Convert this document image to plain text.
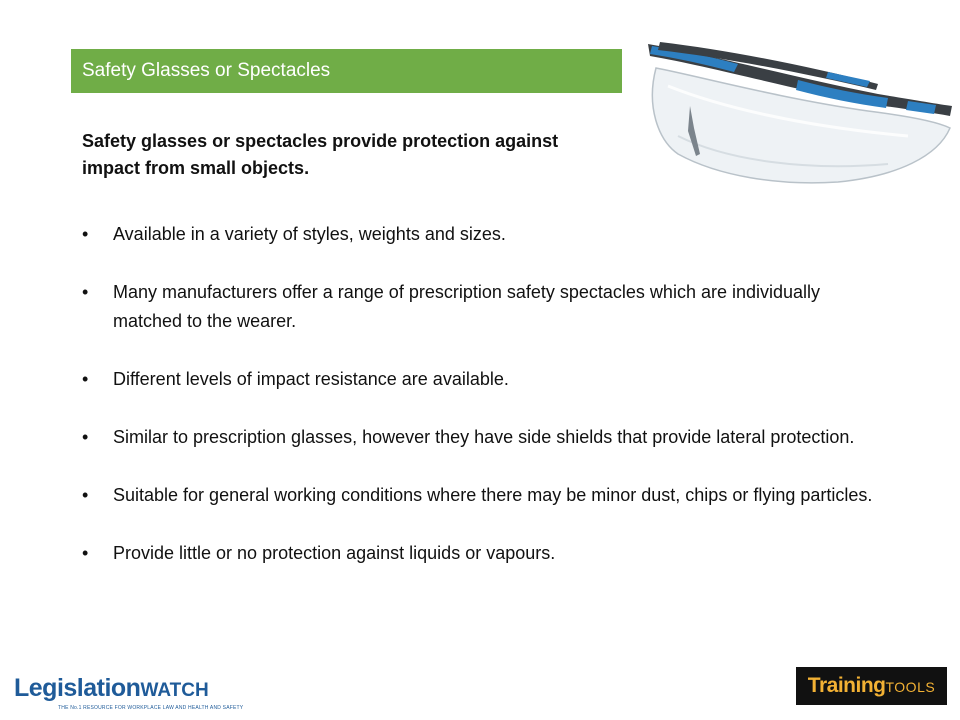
Safety Glasses or Spectacles
Safety glasses or spectacles provide protection against impact from small objects.
•	Available in a variety of styles, weights and sizes.
•	Many manufacturers offer a range of prescription safety spectacles which are individually matched to the wearer.
•	Different levels of impact resistance are available.
•	Similar to prescription glasses, however they have side shields that provide lateral protection.
•	Suitable for general working conditions where there may be minor dust, chips or flying particles.
•	Provide little or no protection against liquids or vapours.
LegislationWATCH
THE No.1 RESOURCE FOR WORKPLACE LAW AND HEALTH AND SAFETY
TrainingTOOLS
